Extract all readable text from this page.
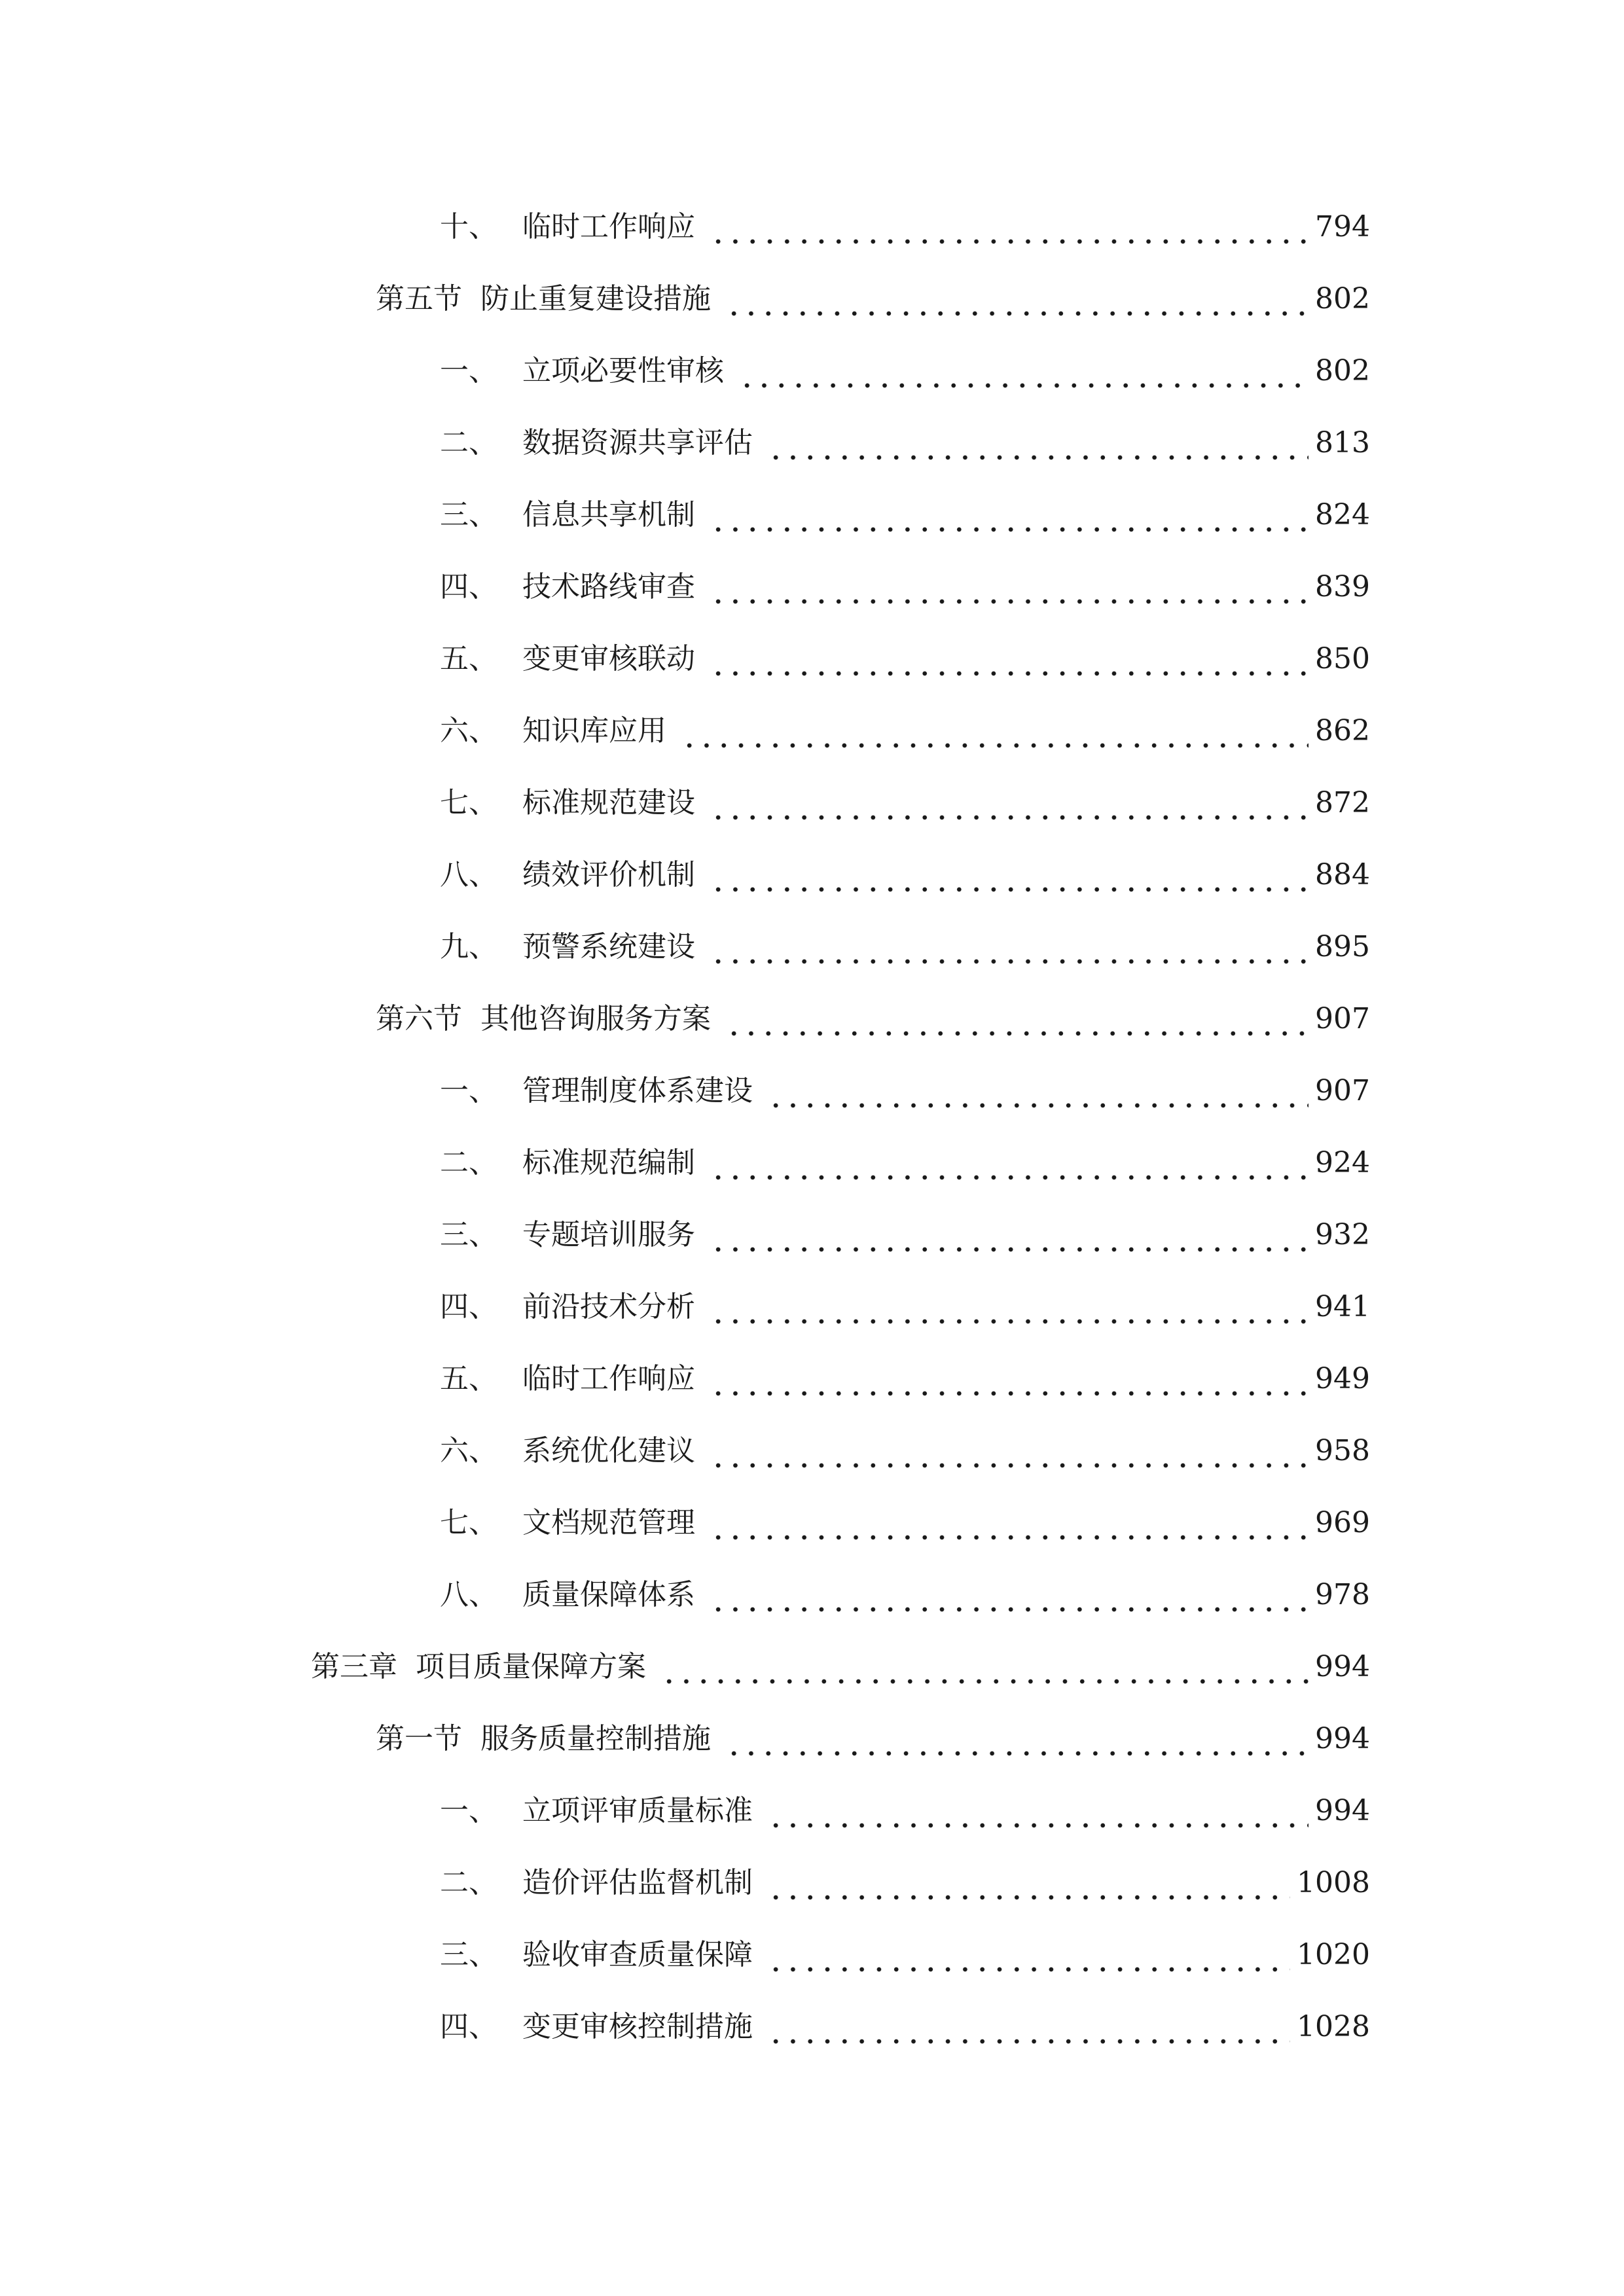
十、 临时工作响应	794
第五节 防止重复建设措施	802
一、 立项必要性审核	802
二、 数据资源共享评估	813
三、 信息共享机制	824
四、 技术路线审查	839
五、 变更审核联动	850
六、 知识库应用	862
七、 标准规范建设	872
八、 绩效评价机制	884
九、 预警系统建设	895
第六节 其他咨询服务方案	907
一、 管理制度体系建设	907
二、 标准规范编制	924
三、 专题培训服务	932
四、 前沿技术分析	941
五、 临时工作响应	949
六、 系统优化建议	958
七、 文档规范管理	969
八、 质量保障体系	978
第三章 项目质量保障方案	994
第一节 服务质量控制措施	994
一、 立项评审质量标准	994
二、 造价评估监督机制	1008
三、 验收审查质量保障	1020
四、 变更审核控制措施	1028
